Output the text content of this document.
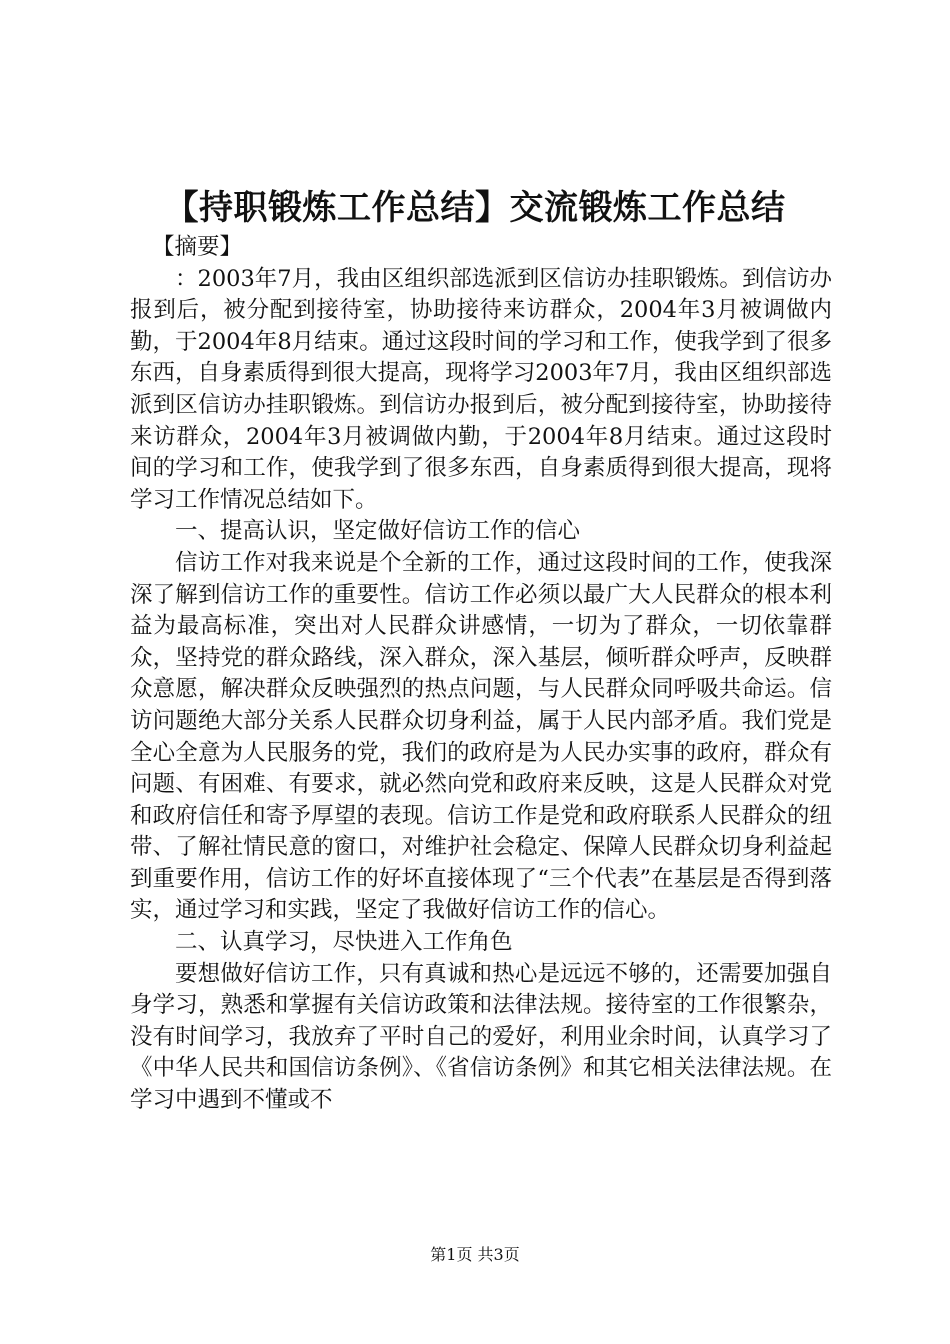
【持职锻炼工作总结】交流锻炼工作总结

【摘要】

：2003年7月，我由区组织部选派到区信访办挂职锻炼。到信访办报到后，被分配到接待室，协助接待来访群众，2004年3月被调做内勤，于2004年8月结束。通过这段时间的学习和工作，使我学到了很多东西，自身素质得到很大提高，现将学习2003年7月，我由区组织部选派到区信访办挂职锻炼。到信访办报到后，被分配到接待室，协助接待来访群众，2004年3月被调做内勤，于2004年8月结束。通过这段时间的学习和工作，使我学到了很多东西，自身素质得到很大提高，现将学习工作情况总结如下。

一、提高认识，坚定做好信访工作的信心

信访工作对我来说是个全新的工作，通过这段时间的工作，使我深深了解到信访工作的重要性。信访工作必须以最广大人民群众的根本利益为最高标准，突出对人民群众讲感情，一切为了群众，一切依靠群众，坚持党的群众路线，深入群众，深入基层，倾听群众呼声，反映群众意愿，解决群众反映强烈的热点问题，与人民群众同呼吸共命运。信访问题绝大部分关系人民群众切身利益，属于人民内部矛盾。我们党是全心全意为人民服务的党，我们的政府是为人民办实事的政府，群众有问题、有困难、有要求，就必然向党和政府来反映，这是人民群众对党和政府信任和寄予厚望的表现。信访工作是党和政府联系人民群众的纽带、了解社情民意的窗口，对维护社会稳定、保障人民群众切身利益起到重要作用，信访工作的好坏直接体现了“三个代表”在基层是否得到落实，通过学习和实践，坚定了我做好信访工作的信心。

二、认真学习，尽快进入工作角色

要想做好信访工作，只有真诚和热心是远远不够的，还需要加强自身学习，熟悉和掌握有关信访政策和法律法规。接待室的工作很繁杂，没有时间学习，我放弃了平时自己的爱好，利用业余时间，认真学习了《中华人民共和国信访条例》、《省信访条例》和其它相关法律法规。在学习中遇到不懂或不

第1页 共3页
